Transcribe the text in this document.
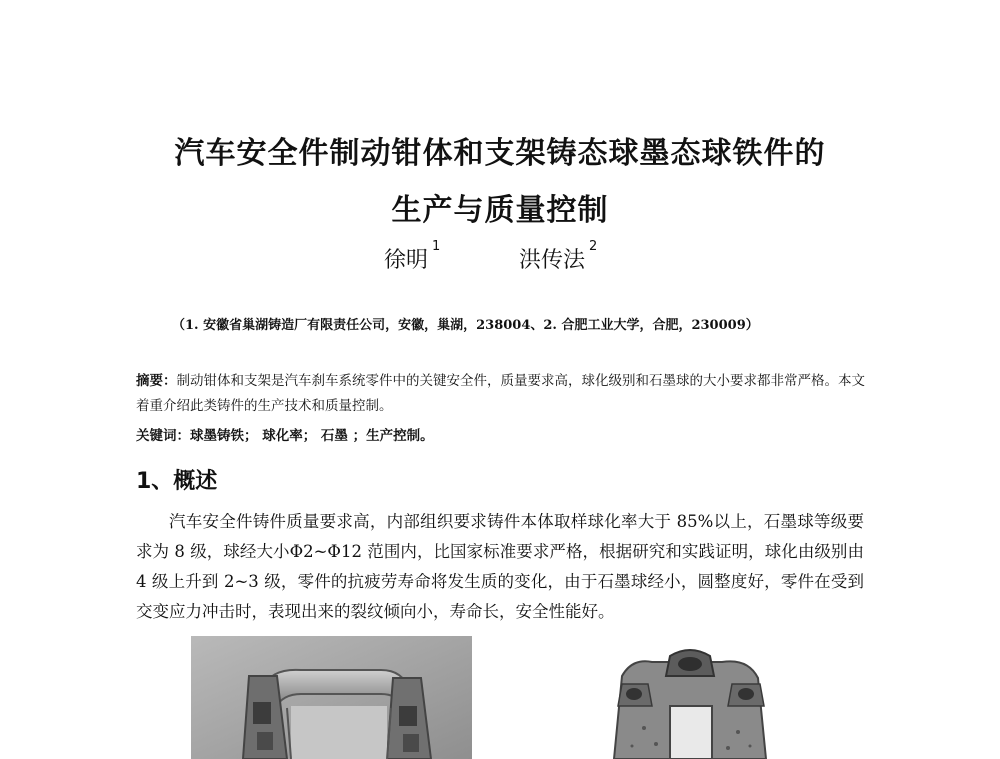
汽车安全件制动钳体和支架铸态球墨态球铁件的
生产与质量控制
徐明$^1$
洪传法$^2$
（1. 安徽省巢湖铸造厂有限责任公司，安徽，巢湖，238004、2. 合肥工业大学，合肥，230009）
摘要：制动钳体和支架是汽车刹车系统零件中的关键安全件，质量要求高，球化级别和石墨球的大小要求都非常严格。本文着重介绍此类铸件的生产技术和质量控制。
关键词：球墨铸铁； 球化率； 石墨 ；生产控制。
1、概述
汽车安全件铸件质量要求高，内部组织要求铸件本体取样球化率大于 85%以上，石墨球等级要求为 8 级，球经大小Φ2~Φ12 范围内，比国家标准要求严格，根据研究和实践证明，球化由级别由 4 级上升到 2~3 级，零件的抗疲劳寿命将发生质的变化，由于石墨球经小，圆整度好，零件在受到交变应力冲击时，表现出来的裂纹倾向小，寿命长，安全性能好。
